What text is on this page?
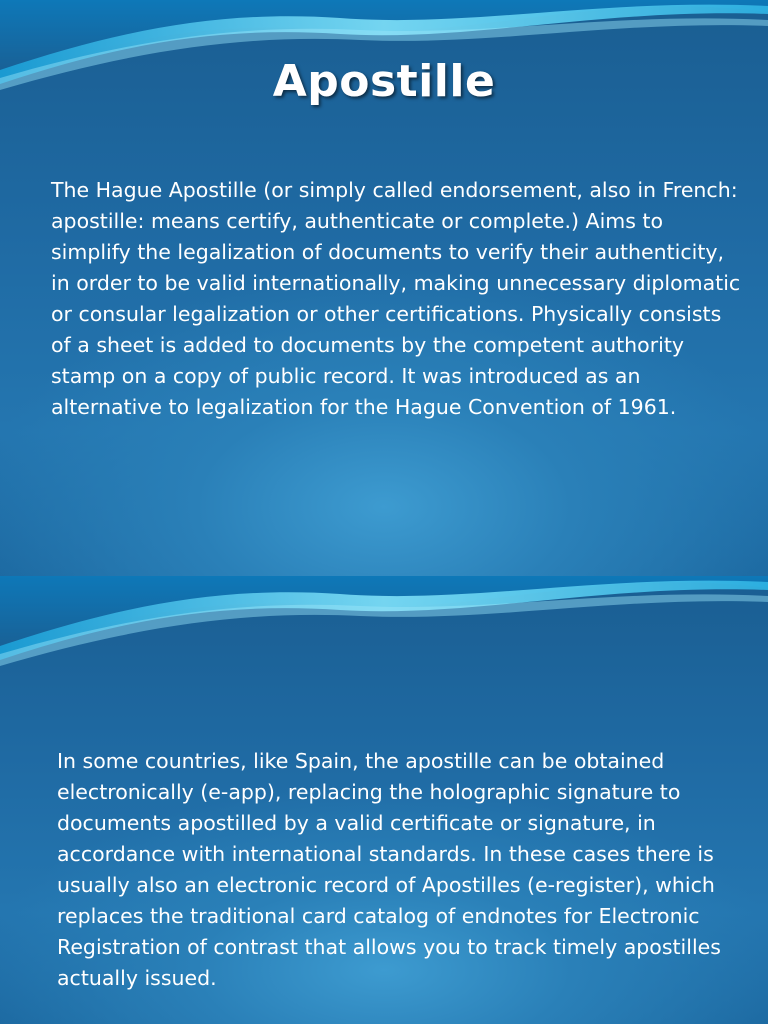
Apostille

The Hague Apostille (or simply called endorsement, also in French: apostille: means certify, authenticate or complete.) Aims to simplify the legalization of documents to verify their authenticity, in order to be valid internationally, making unnecessary diplomatic or consular legalization or other certifications. Physically consists of a sheet is added to documents by the competent authority stamp on a copy of public record. It was introduced as an alternative to legalization for the Hague Convention of 1961.

In some countries, like Spain, the apostille can be obtained electronically (e-app), replacing the holographic signature to documents apostilled by a valid certificate or signature, in accordance with international standards. In these cases there is usually also an electronic record of Apostilles (e-register), which replaces the traditional card catalog of endnotes for Electronic Registration of contrast that allows you to track timely apostilles actually issued.
